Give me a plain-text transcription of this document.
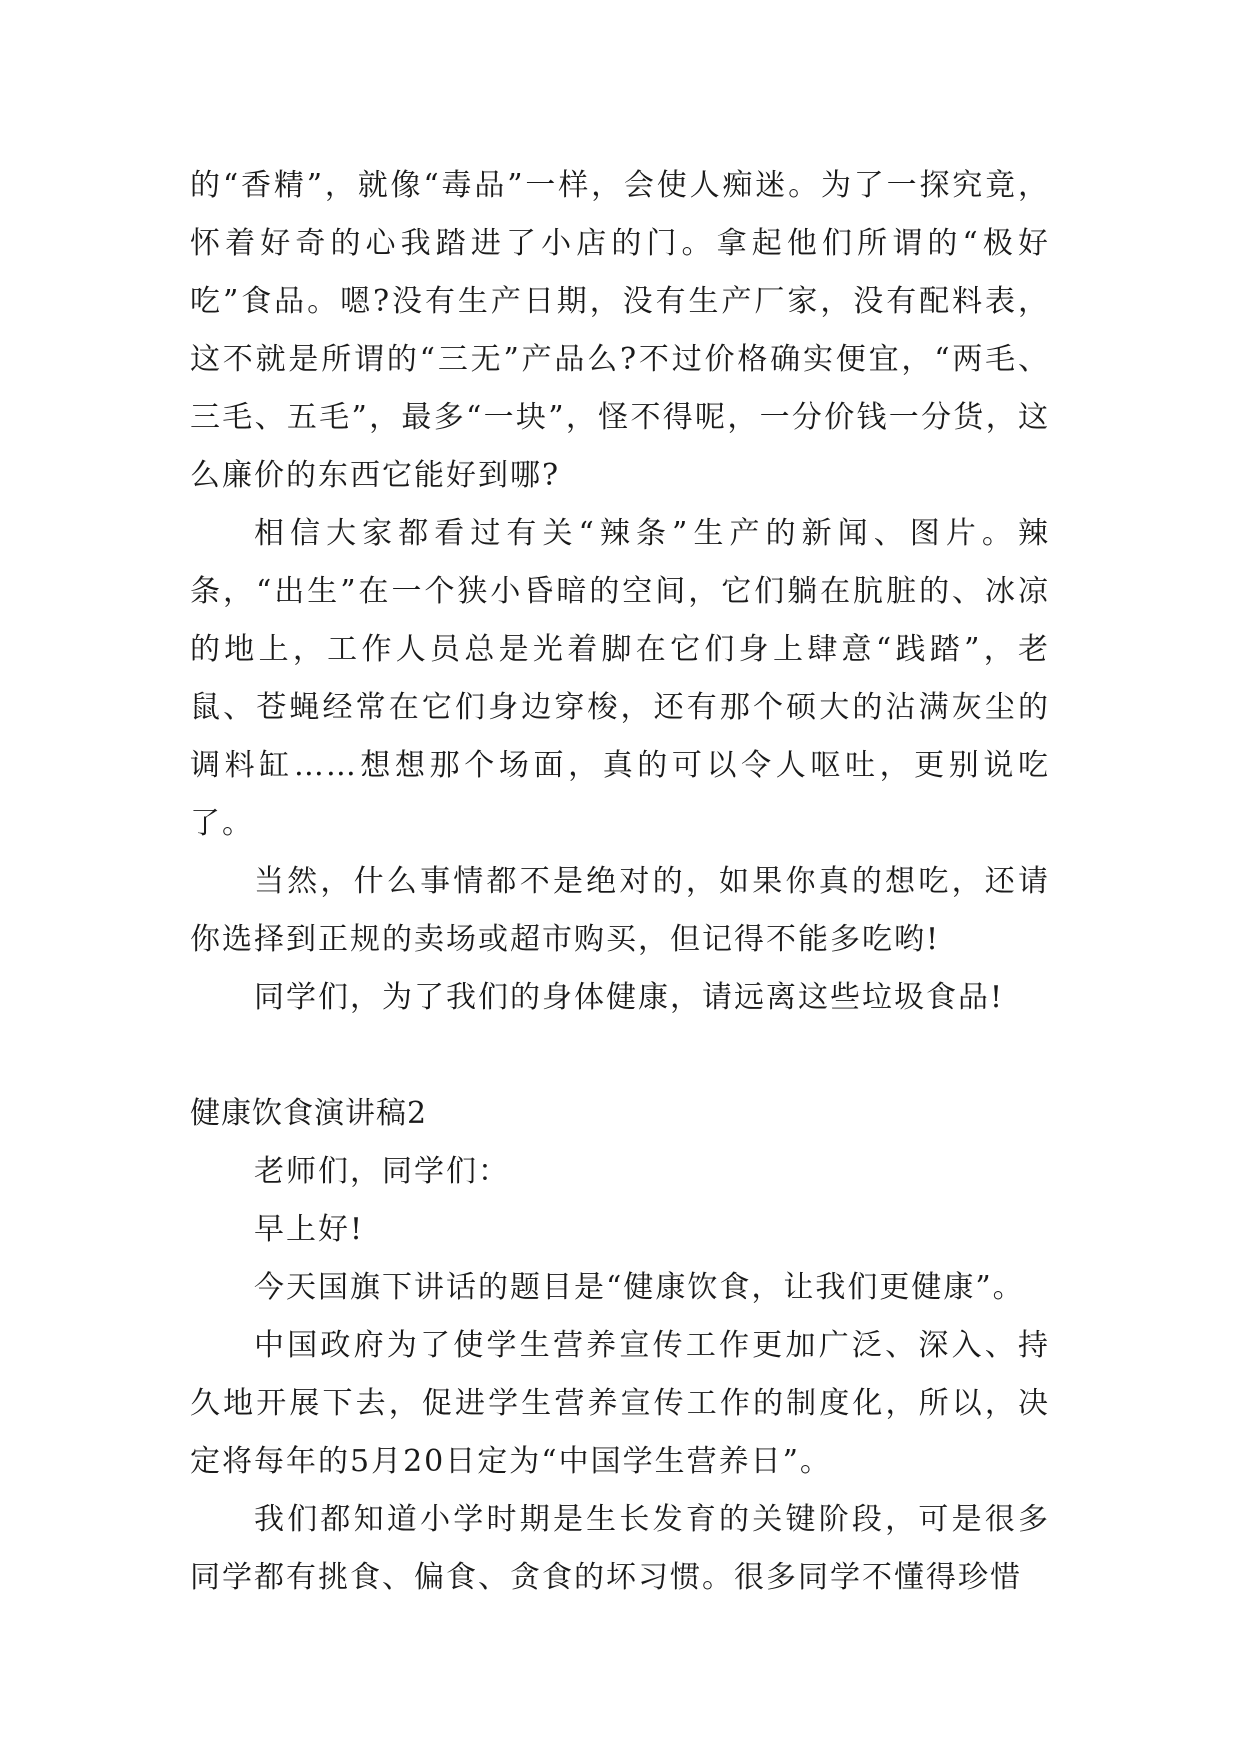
的“香精”，就像“毒品”一样，会使人痴迷。为了一探究竟，怀着好奇的心我踏进了小店的门。拿起他们所谓的“极好吃”食品。嗯?没有生产日期，没有生产厂家，没有配料表，这不就是所谓的“三无”产品么?不过价格确实便宜，“两毛、三毛、五毛”，最多“一块”，怪不得呢，一分价钱一分货，这么廉价的东西它能好到哪?

相信大家都看过有关“辣条”生产的新闻、图片。辣条，“出生”在一个狭小昏暗的空间，它们躺在肮脏的、冰凉的地上，工作人员总是光着脚在它们身上肆意“践踏”，老鼠、苍蝇经常在它们身边穿梭，还有那个硕大的沾满灰尘的调料缸……想想那个场面，真的可以令人呕吐，更别说吃了。

当然，什么事情都不是绝对的，如果你真的想吃，还请你选择到正规的卖场或超市购买，但记得不能多吃哟!

同学们，为了我们的身体健康，请远离这些垃圾食品!

健康饮食演讲稿2

老师们，同学们：

早上好!

今天国旗下讲话的题目是“健康饮食，让我们更健康”。

中国政府为了使学生营养宣传工作更加广泛、深入、持久地开展下去，促进学生营养宣传工作的制度化，所以，决定将每年的5月20日定为“中国学生营养日”。

我们都知道小学时期是生长发育的关键阶段，可是很多同学都有挑食、偏食、贪食的坏习惯。很多同学不懂得珍惜
